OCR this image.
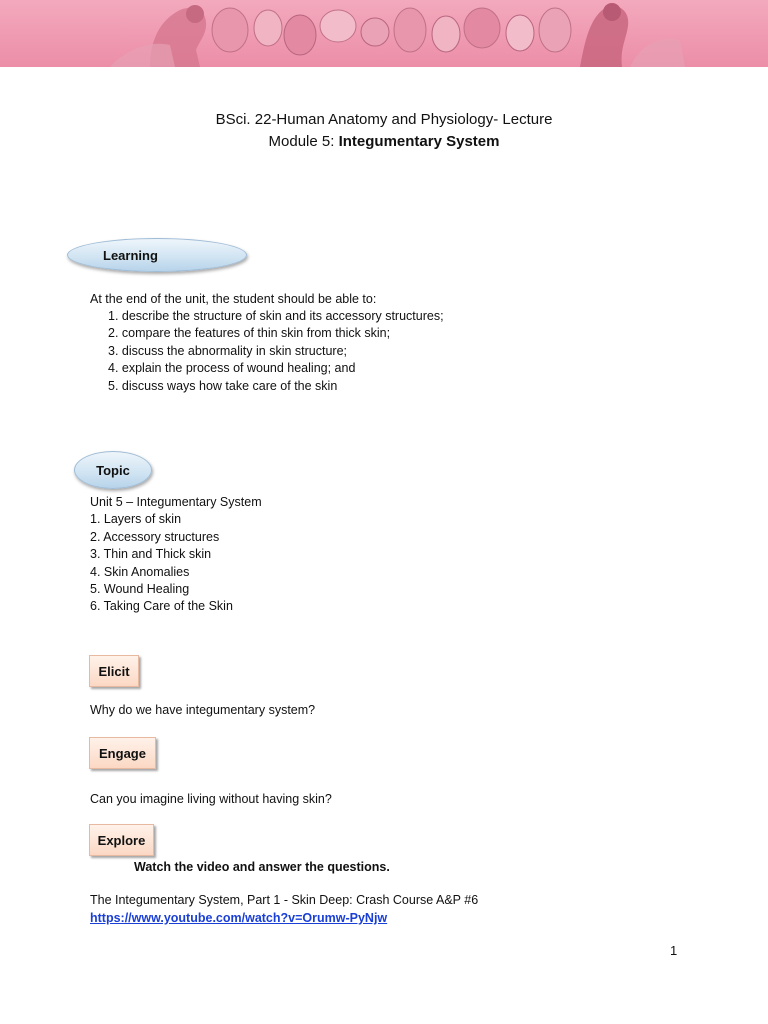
BSci. 22-Human Anatomy and Physiology- Lecture
Module 5: Integumentary System
Learning
At the end of the unit, the student should be able to:
1. describe the structure of skin and its accessory structures;
2. compare the features of thin skin from thick skin;
3. discuss the abnormality in skin structure;
4. explain the process of wound healing; and
5. discuss ways how take care of the skin
Topic
Unit 5 – Integumentary System
1. Layers of skin
2. Accessory structures
3. Thin and Thick skin
4. Skin Anomalies
5. Wound Healing
6. Taking Care of the Skin
Elicit
Why do we have integumentary system?
Engage
Can you imagine living without having skin?
Explore
Watch the video and answer the questions.
The Integumentary System, Part 1 - Skin Deep: Crash Course A&P #6
https://www.youtube.com/watch?v=Orumw-PyNjw
1
